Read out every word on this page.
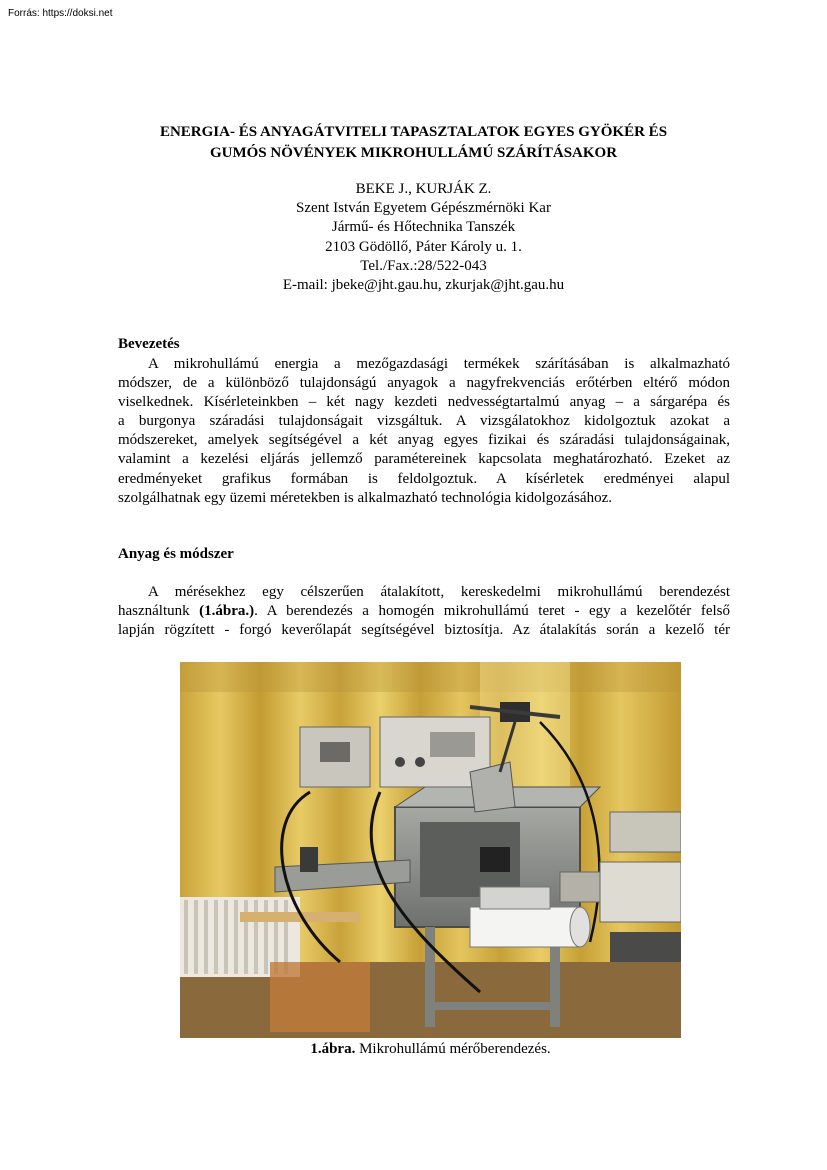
Forrás: https://doksi.net
ENERGIA- ÉS ANYAGÁTVITELI TAPASZTALATOK EGYES GYÖKÉR ÉS
GUMÓS NÖVÉNYEK MIKROHULLÁMÚ SZÁRÍTÁSAKOR
BEKE J., KURJÁK Z.
Szent István Egyetem Gépészmérnöki Kar
Jármű- és Hőtechnika Tanszék
2103 Gödöllő, Páter Károly u. 1.
Tel./Fax.:28/522-043
E-mail: jbeke@jht.gau.hu, zkurjak@jht.gau.hu
Bevezetés
A mikrohullámú energia a mezőgazdasági termékek szárításában is alkalmazható
módszer, de a különböző tulajdonságú anyagok a nagyfrekvenciás erőtérben eltérő módon
viselkednek. Kísérleteinkben – két nagy kezdeti nedvességtartalmú anyag – a sárgarépa és
a burgonya száradási tulajdonságait vizsgáltuk. A vizsgálatokhoz kidolgoztuk azokat a
módszereket, amelyek segítségével a két anyag egyes fizikai és száradási tulajdonságainak,
valamint a kezelési eljárás jellemző paramétereinek kapcsolata meghatározható. Ezeket az
eredményeket grafikus formában is feldolgoztuk. A kísérletek eredményei alapul
szolgálhatnak egy üzemi méretekben is alkalmazható technológia kidolgozásához.
Anyag és módszer
A mérésekhez egy célszerűen átalakított, kereskedelmi mikrohullámú berendezést
használtunk (1.ábra.). A berendezés a homogén mikrohullámú teret - egy a kezelőtér felső
lapján rögzített - forgó keverőlapát segítségével biztosítja. Az átalakítás során a kezelő tér
1.ábra. Mikrohullámú mérőberendezés.
